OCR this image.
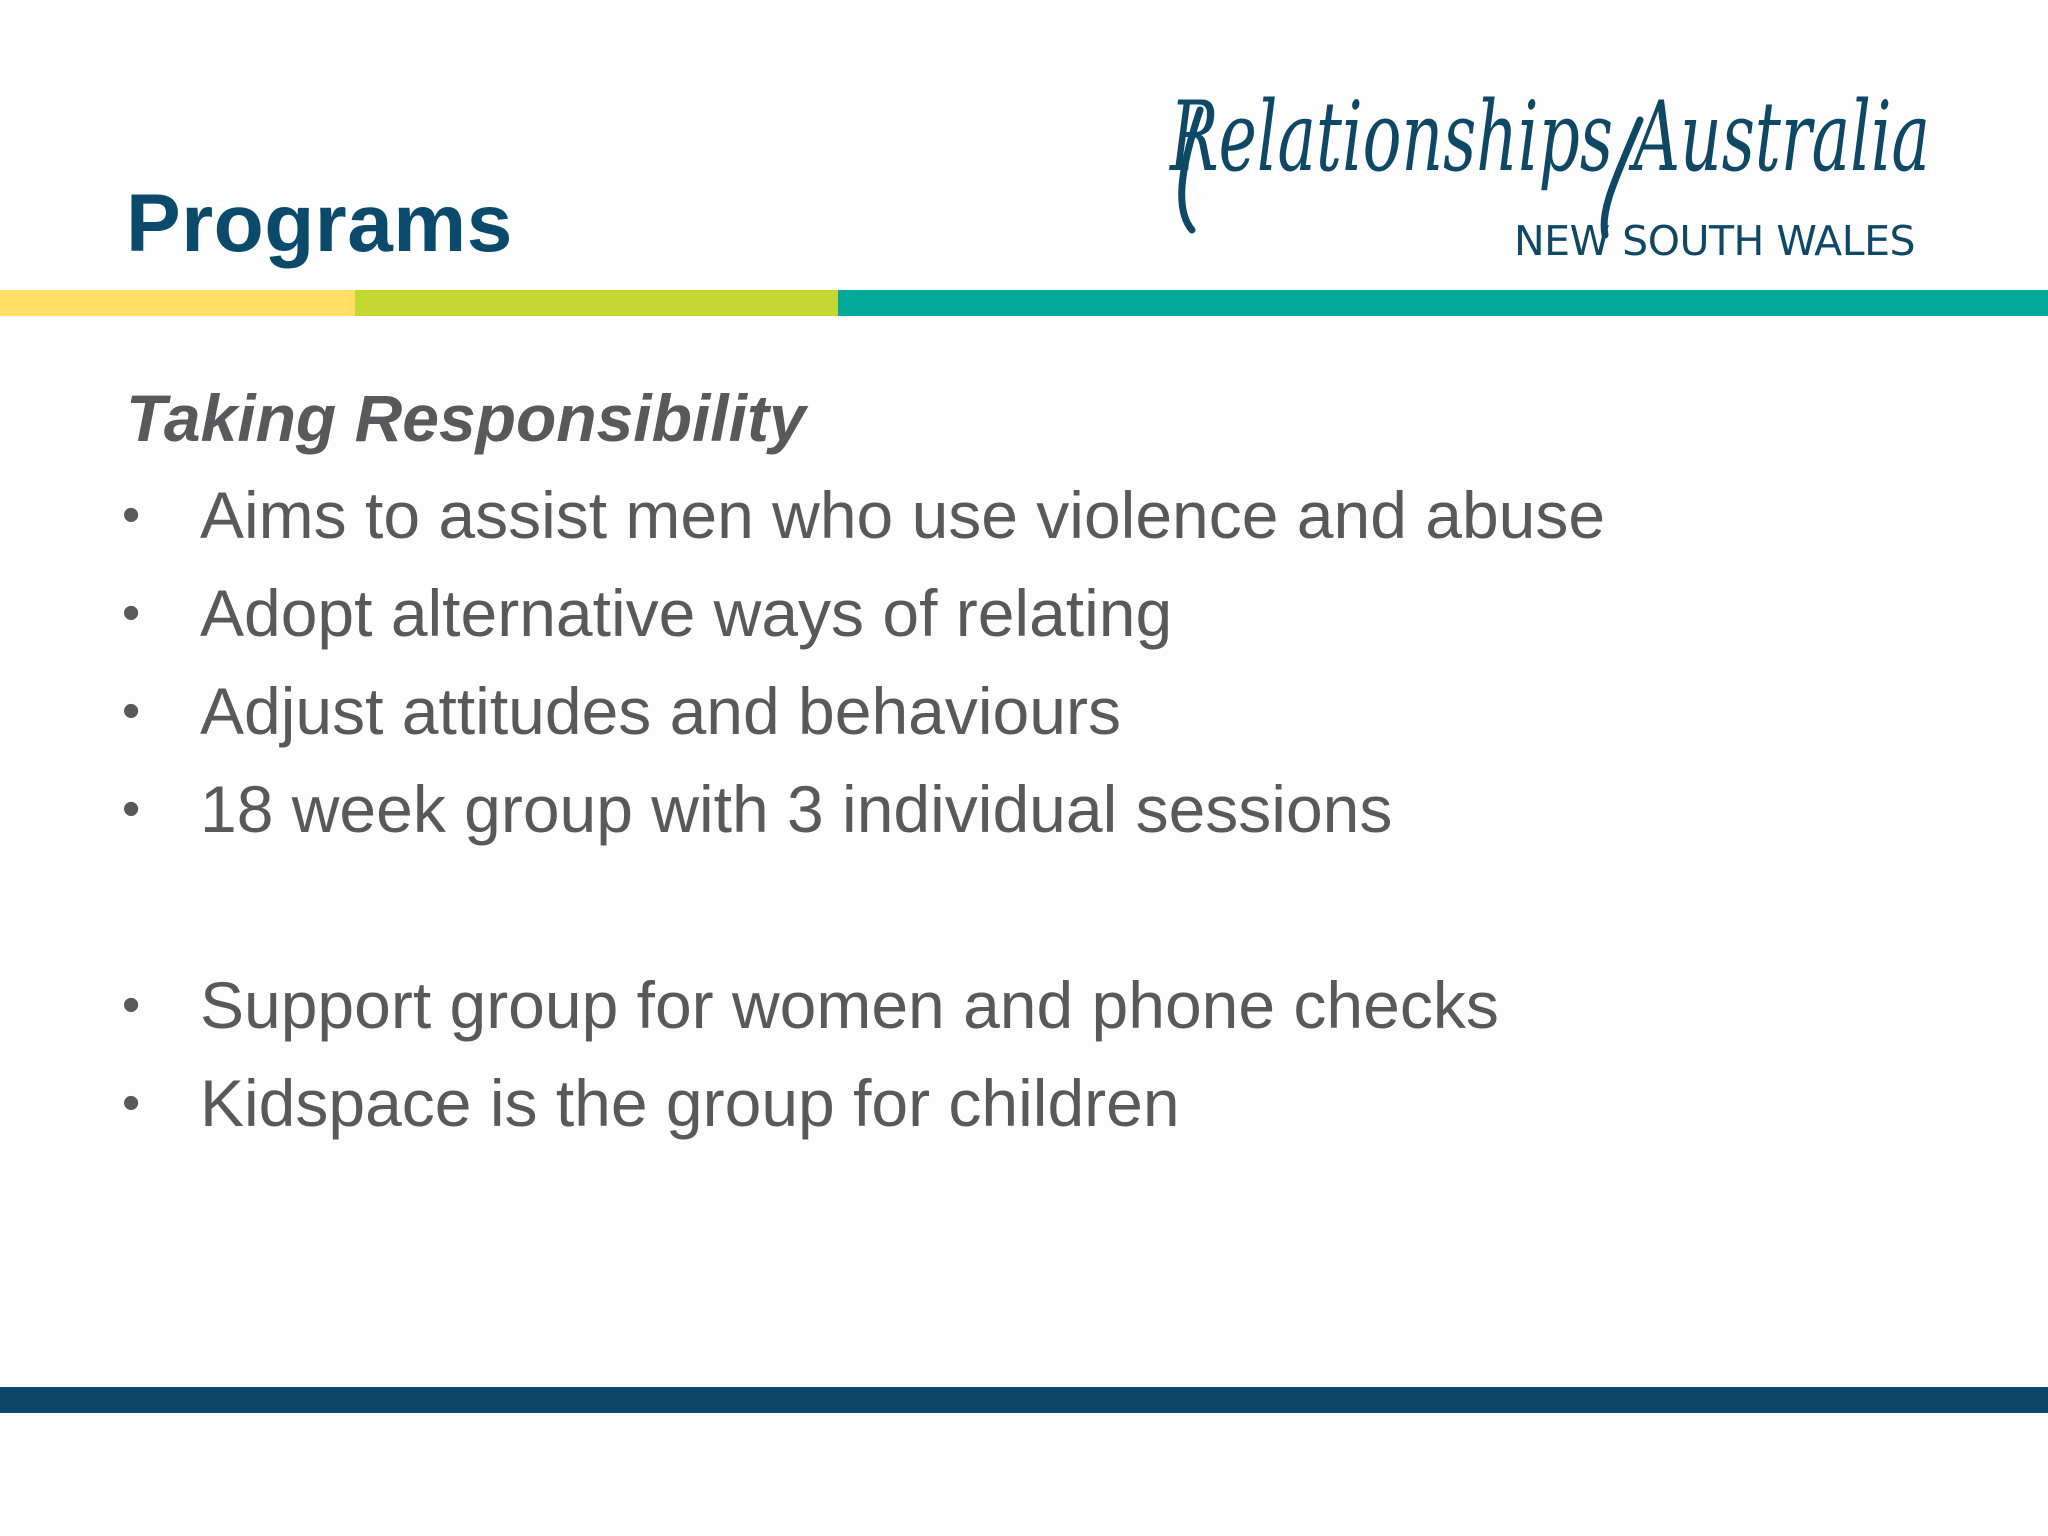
Programs
Relationships Australia
NEW SOUTH WALES
Taking Responsibility
• Aims to assist men who use violence and abuse
• Adopt alternative ways of relating
• Adjust attitudes and behaviours
• 18 week group with 3 individual sessions
• Support group for women and phone checks
• Kidspace is the group for children
